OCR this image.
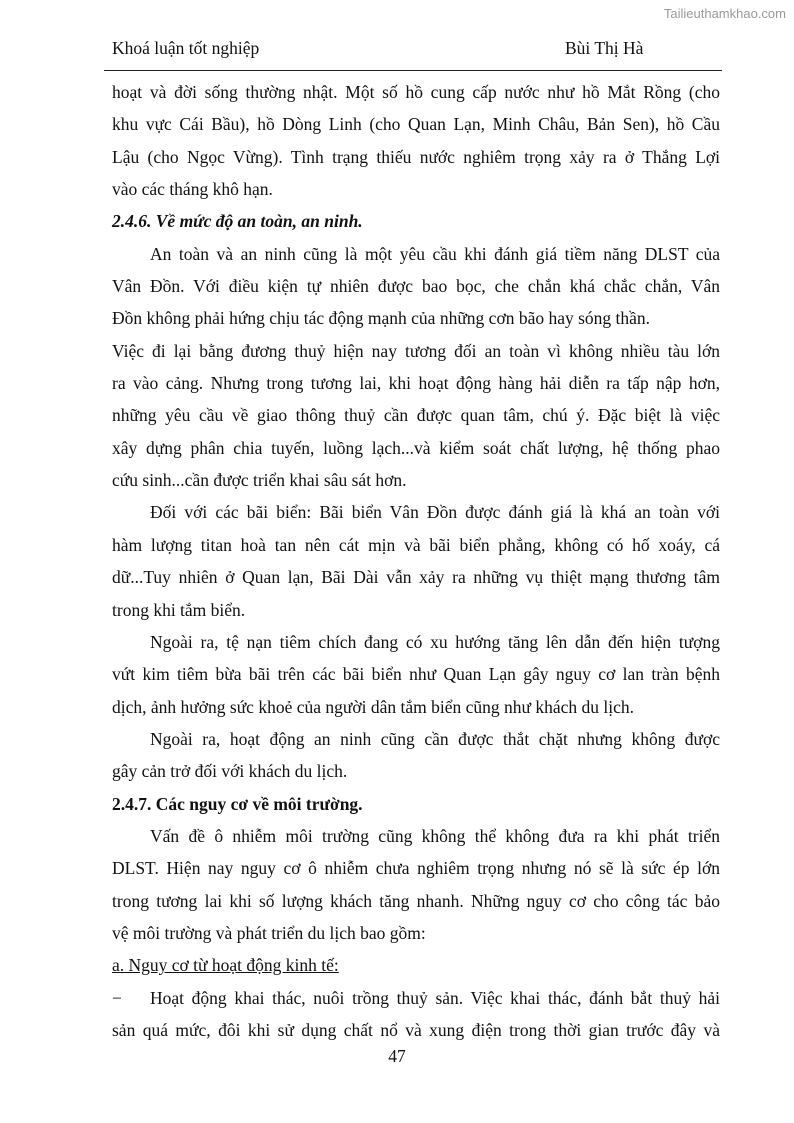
Tailieuthamkhao.com
Khoá luận tốt nghiệp	Bùi Thị Hà
hoạt và đời sống thường nhật. Một số hồ cung cấp nước như hồ Mắt Rồng (cho
khu vực Cái Bầu), hồ Dòng Linh (cho Quan Lạn, Minh Châu, Bản Sen), hồ Cầu
Lậu (cho Ngọc Vừng). Tình trạng thiếu nước nghiêm trọng xảy ra ở Thắng Lợi
vào các tháng khô hạn.
2.4.6. Về mức độ an toàn, an ninh.
An toàn và an ninh cũng là một yêu cầu khi đánh giá tiềm năng DLST của
Vân Đồn. Với điều kiện tự nhiên được bao bọc, che chắn khá chắc chắn, Vân
Đồn không phải hứng chịu tác động mạnh của những cơn bão hay sóng thần.
Việc đi lại bằng đương thuỷ hiện nay tương đối an toàn vì không nhiều tàu lớn
ra vào cảng. Nhưng trong tương lai, khi hoạt động hàng hải diễn ra tấp nập hơn,
những yêu cầu về giao thông thuỷ cần được quan tâm, chú ý. Đặc biệt là việc
xây dựng phân chia tuyến, luồng lạch...và kiểm soát chất lượng, hệ thống phao
cứu sinh...cần được triển khai sâu sát hơn.
Đối với các bãi biển: Bãi biển Vân Đồn được đánh giá là khá an toàn với
hàm lượng titan hoà tan nên cát mịn và bãi biển phẳng, không có hố xoáy, cá
dữ...Tuy nhiên ở Quan lạn, Bãi Dài vẫn xảy ra những vụ thiệt mạng thương tâm
trong khi tắm biển.
Ngoài ra, tệ nạn tiêm chích đang có xu hướng tăng lên dẫn đến hiện tượng
vứt kim tiêm bừa bãi trên các bãi biển như Quan Lạn gây nguy cơ lan tràn bệnh
dịch, ảnh hưởng sức khoẻ của người dân tắm biển cũng như khách du lịch.
Ngoài ra, hoạt động an ninh cũng cần được thắt chặt nhưng không được
gây cản trở đối với khách du lịch.
2.4.7. Các nguy cơ về môi trường.
Vấn đề ô nhiễm môi trường cũng không thể không đưa ra khi phát triển
DLST. Hiện nay nguy cơ ô nhiễm chưa nghiêm trọng nhưng nó sẽ là sức ép lớn
trong tương lai khi số lượng khách tăng nhanh. Những nguy cơ cho công tác bảo
vệ môi trường và phát triển du lịch bao gồm:
a. Nguy cơ từ hoạt động kinh tế:
−	Hoạt động khai thác, nuôi trồng thuỷ sản. Việc khai thác, đánh bắt thuỷ hải
sản quá mức, đôi khi sử dụng chất nổ và xung điện trong thời gian trước đây và
47
